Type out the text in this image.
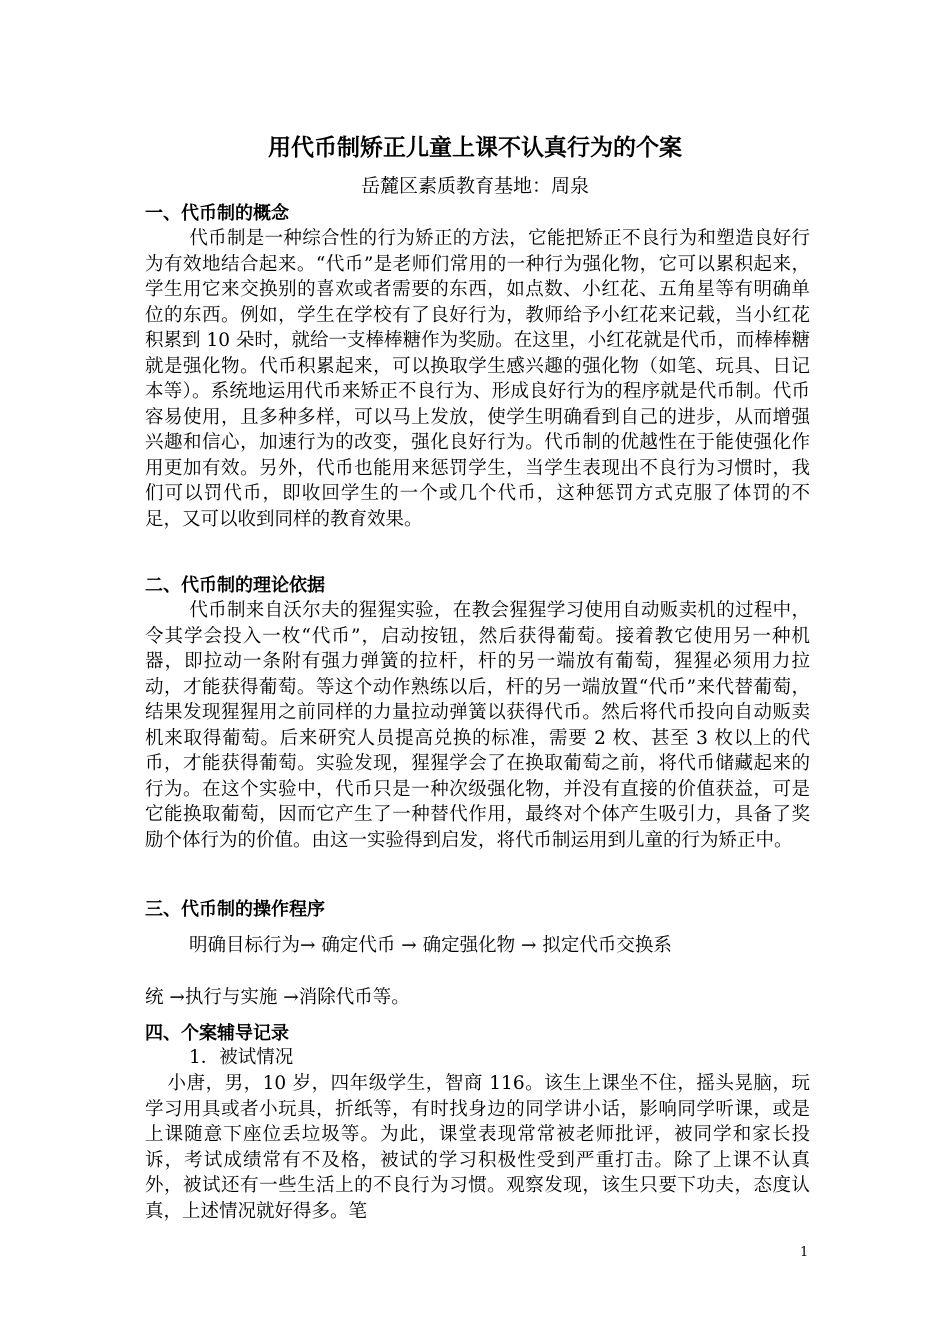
用代币制矫正儿童上课不认真行为的个案
岳麓区素质教育基地：周泉
一、代币制的概念

代币制是一种综合性的行为矫正的方法，它能把矫正不良行为和塑造良好行为有效地结合起来。“代币”是老师们常用的一种行为强化物，它可以累积起来，学生用它来交换别的喜欢或者需要的东西，如点数、小红花、五角星等有明确单位的东西。例如，学生在学校有了良好行为，教师给予小红花来记载，当小红花积累到 10 朵时，就给一支棒棒糖作为奖励。在这里，小红花就是代币，而棒棒糖就是强化物。代币积累起来，可以换取学生感兴趣的强化物（如笔、玩具、日记本等）。系统地运用代币来矫正不良行为、形成良好行为的程序就是代币制。代币容易使用，且多种多样，可以马上发放，使学生明确看到自己的进步，从而增强兴趣和信心，加速行为的改变，强化良好行为。代币制的优越性在于能使强化作用更加有效。另外，代币也能用来惩罚学生，当学生表现出不良行为习惯时，我们可以罚代币，即收回学生的一个或几个代币，这种惩罚方式克服了体罚的不足，又可以收到同样的教育效果。

二、代币制的理论依据

代币制来自沃尔夫的猩猩实验，在教会猩猩学习使用自动贩卖机的过程中，令其学会投入一枚“代币”，启动按钮，然后获得葡萄。接着教它使用另一种机器，即拉动一条附有强力弹簧的拉杆，杆的另一端放有葡萄，猩猩必须用力拉动，才能获得葡萄。等这个动作熟练以后，杆的另一端放置“代币”来代替葡萄，结果发现猩猩用之前同样的力量拉动弹簧以获得代币。然后将代币投向自动贩卖机来取得葡萄。后来研究人员提高兑换的标准，需要 2 枚、甚至 3 枚以上的代币，才能获得葡萄。实验发现，猩猩学会了在换取葡萄之前，将代币储藏起来的行为。在这个实验中，代币只是一种次级强化物，并没有直接的价值获益，可是它能换取葡萄，因而它产生了一种替代作用，最终对个体产生吸引力，具备了奖励个体行为的价值。由这一实验得到启发，将代币制运用到儿童的行为矫正中。

三、代币制的操作程序
明确目标行为→ 确定代币 → 确定强化物 → 拟定代币交换系
统 →执行与实施 →消除代币等。
四、个案辅导记录
1．被试情况

小唐，男，10 岁，四年级学生，智商 116。该生上课坐不住，摇头晃脑，玩学习用具或者小玩具，折纸等，有时找身边的同学讲小话，影响同学听课，或是上课随意下座位丢垃圾等。为此，课堂表现常常被老师批评，被同学和家长投诉，考试成绩常有不及格，被试的学习积极性受到严重打击。除了上课不认真外，被试还有一些生活上的不良行为习惯。观察发现，该生只要下功夫，态度认真，上述情况就好得多。笔

1
